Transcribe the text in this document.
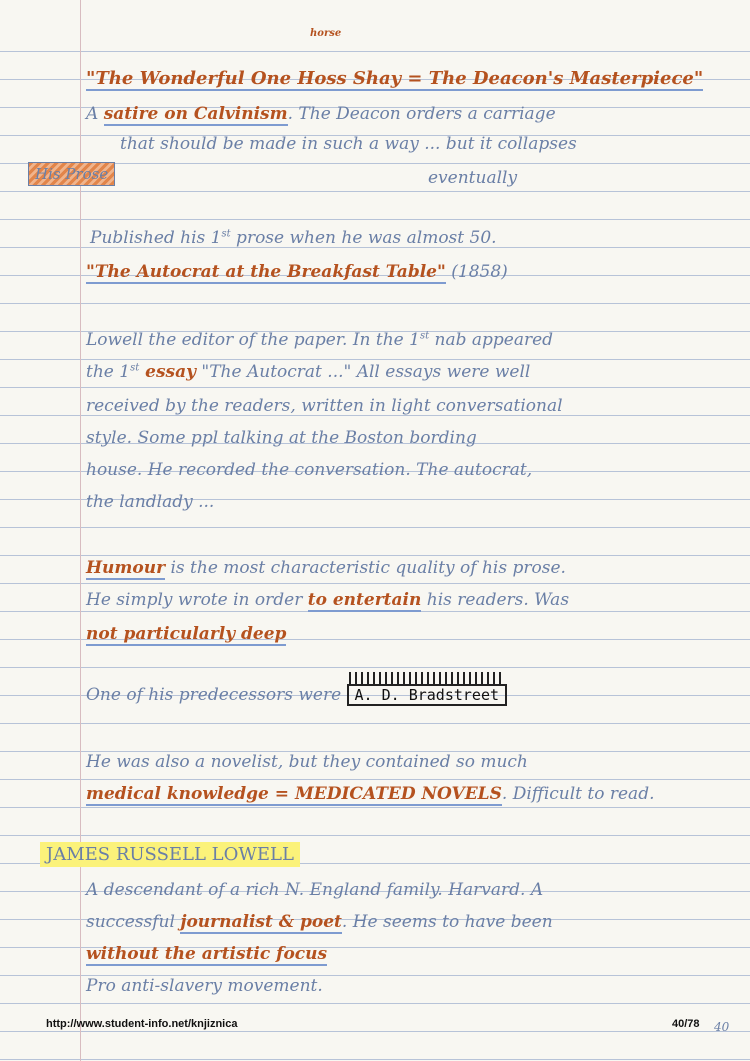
horse
"The Wonderful One Hoss Shay = The Deacon's Masterpiece"
A satire on Calvinism. The Deacon orders a carriage
that should be made in such a way ... but it collapses
His Prose	eventually
Published his 1st prose when he was almost 50.
"The Autocrat at the Breakfast Table" (1858)
Lowell the editor of the paper. In the 1st nab appeared
the 1st essay "The Autocrat ..." All essays were well
received by the readers, written in light conversational
style. Some ppl talking at the Boston bording
house. He recorded the conversation. The autocrat,
the landlady ...
Humour is the most characteristic quality of his prose.
He simply wrote in order to entertain his readers. Was
not particularly deep
One of his predecessors were A. D. Bradstreet
He was also a novelist, but they contained so much
medical knowledge = MEDICATED NOVELS. Difficult to read.
JAMES RUSSELL LOWELL
A descendant of a rich N. England family. Harvard. A
successful journalist & poet. He seems to have been
without the artistic focus
Pro anti-slavery movement.
http://www.student-info.net/knjiznica	40/78 40
